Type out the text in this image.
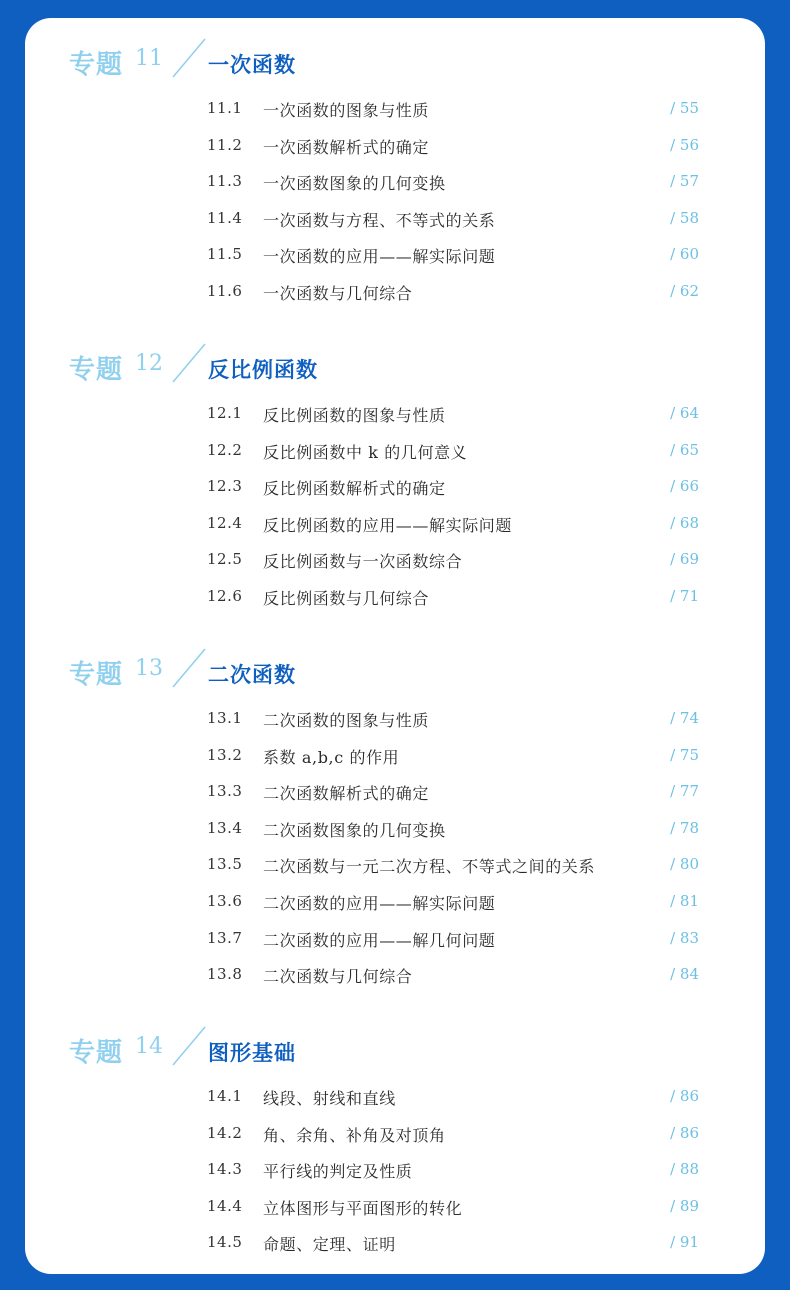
专题 11 一次函数
11.1 一次函数的图象与性质	/ 55
11.2 一次函数解析式的确定	/ 56
11.3 一次函数图象的几何变换	/ 57
11.4 一次函数与方程、不等式的关系	/ 58
11.5 一次函数的应用——解实际问题	/ 60
11.6 一次函数与几何综合	/ 62
专题 12 反比例函数
12.1 反比例函数的图象与性质	/ 64
12.2 反比例函数中 k 的几何意义	/ 65
12.3 反比例函数解析式的确定	/ 66
12.4 反比例函数的应用——解实际问题	/ 68
12.5 反比例函数与一次函数综合	/ 69
12.6 反比例函数与几何综合	/ 71
专题 13 二次函数
13.1 二次函数的图象与性质	/ 74
13.2 系数 a,b,c 的作用	/ 75
13.3 二次函数解析式的确定	/ 77
13.4 二次函数图象的几何变换	/ 78
13.5 二次函数与一元二次方程、不等式之间的关系	/ 80
13.6 二次函数的应用——解实际问题	/ 81
13.7 二次函数的应用——解几何问题	/ 83
13.8 二次函数与几何综合	/ 84
专题 14 图形基础
14.1 线段、射线和直线	/ 86
14.2 角、余角、补角及对顶角	/ 86
14.3 平行线的判定及性质	/ 88
14.4 立体图形与平面图形的转化	/ 89
14.5 命题、定理、证明	/ 91
